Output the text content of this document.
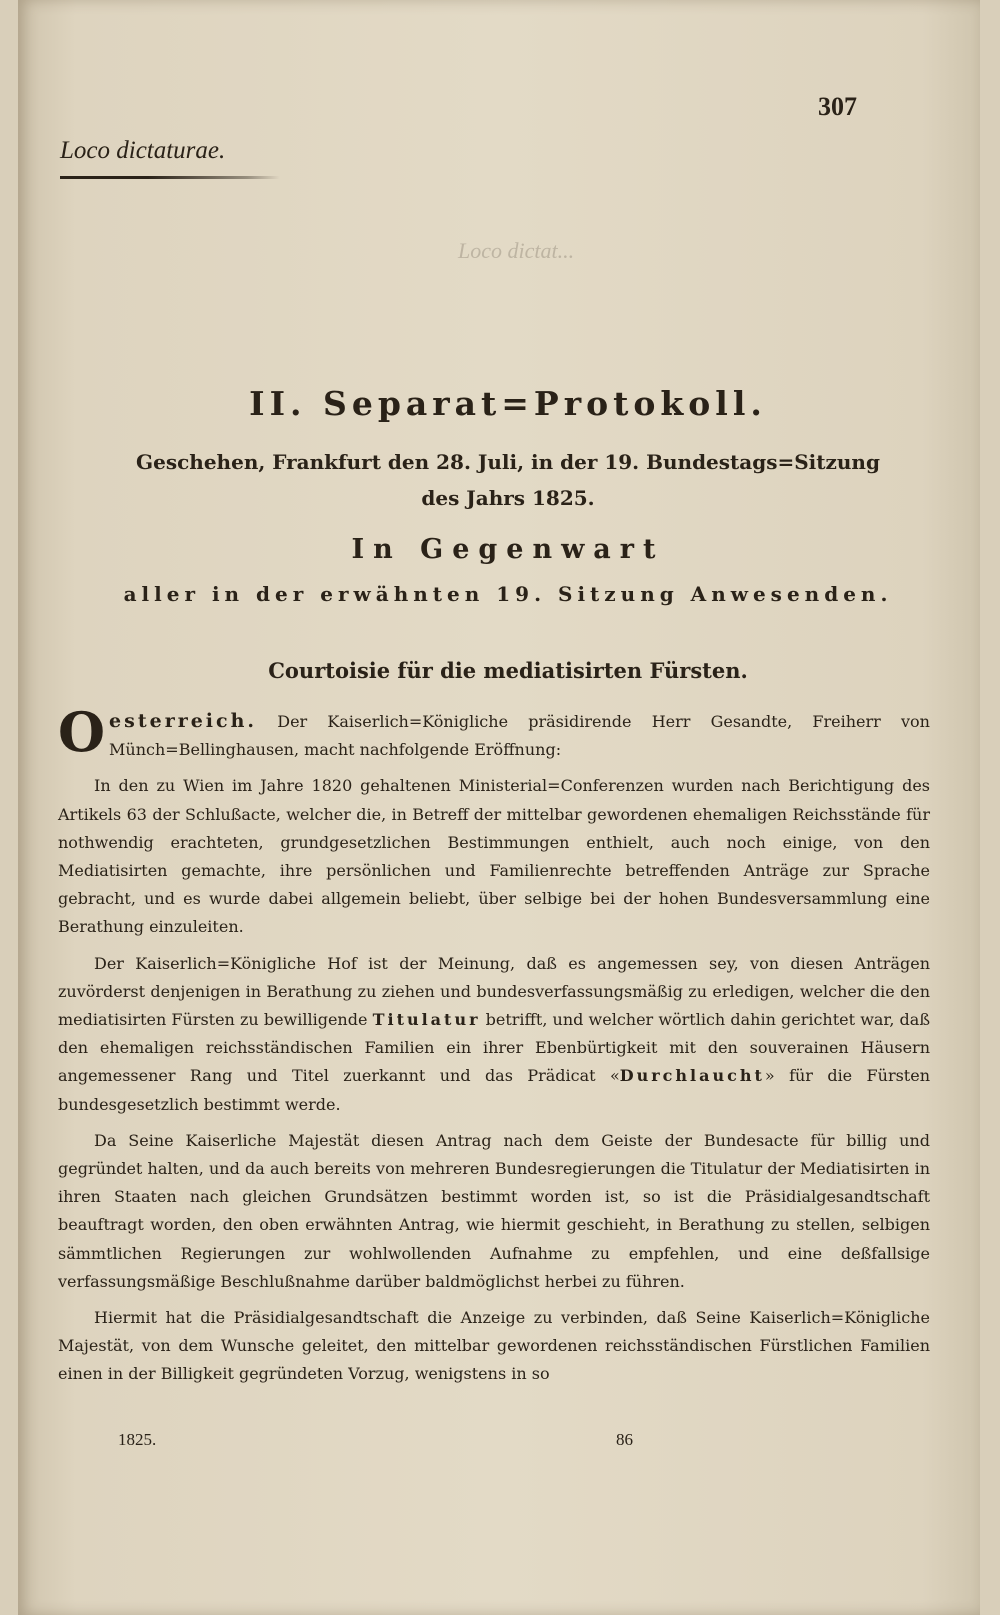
307
Loco dictaturae.
Loco dictat...
II. Separat=Protokoll.
Geschehen, Frankfurt den 28. Juli, in der 19. Bundestags=Sitzung
des Jahrs 1825.
In Gegenwart
aller in der erwähnten 19. Sitzung Anwesenden.
Courtoisie für die mediatisirten Fürsten.

Oesterreich. Der Kaiserlich=Königliche präsidirende Herr Gesandte, Freiherr von Münch=Bellinghausen, macht nachfolgende Eröffnung:

In den zu Wien im Jahre 1820 gehaltenen Ministerial=Conferenzen wurden nach Berichtigung des Artikels 63 der Schlußacte, welcher die, in Betreff der mittelbar gewordenen ehemaligen Reichsstände für nothwendig erachteten, grundgesetzlichen Bestimmungen enthielt, auch noch einige, von den Mediatisirten gemachte, ihre persönlichen und Familienrechte betreffenden Anträge zur Sprache gebracht, und es wurde dabei allgemein beliebt, über selbige bei der hohen Bundesversammlung eine Berathung einzuleiten.

Der Kaiserlich=Königliche Hof ist der Meinung, daß es angemessen sey, von diesen Anträgen zuvörderst denjenigen in Berathung zu ziehen und bundesverfassungsmäßig zu erledigen, welcher die den mediatisirten Fürsten zu bewilligende Titulatur betrifft, und welcher wörtlich dahin gerichtet war, daß den ehemaligen reichsständischen Familien ein ihrer Ebenbürtigkeit mit den souverainen Häusern angemessener Rang und Titel zuerkannt und das Prädicat «Durchlaucht» für die Fürsten bundesgesetzlich bestimmt werde.

Da Seine Kaiserliche Majestät diesen Antrag nach dem Geiste der Bundesacte für billig und gegründet halten, und da auch bereits von mehreren Bundesregierungen die Titulatur der Mediatisirten in ihren Staaten nach gleichen Grundsätzen bestimmt worden ist, so ist die Präsidialgesandtschaft beauftragt worden, den oben erwähnten Antrag, wie hiermit geschieht, in Berathung zu stellen, selbigen sämmtlichen Regierungen zur wohlwollenden Aufnahme zu empfehlen, und eine deßfallsige verfassungsmäßige Beschlußnahme darüber baldmöglichst herbei zu führen.

Hiermit hat die Präsidialgesandtschaft die Anzeige zu verbinden, daß Seine Kaiserlich=Königliche Majestät, von dem Wunsche geleitet, den mittelbar gewordenen reichsständischen Fürstlichen Familien einen in der Billigkeit gegründeten Vorzug, wenigstens in so

1825.	86
